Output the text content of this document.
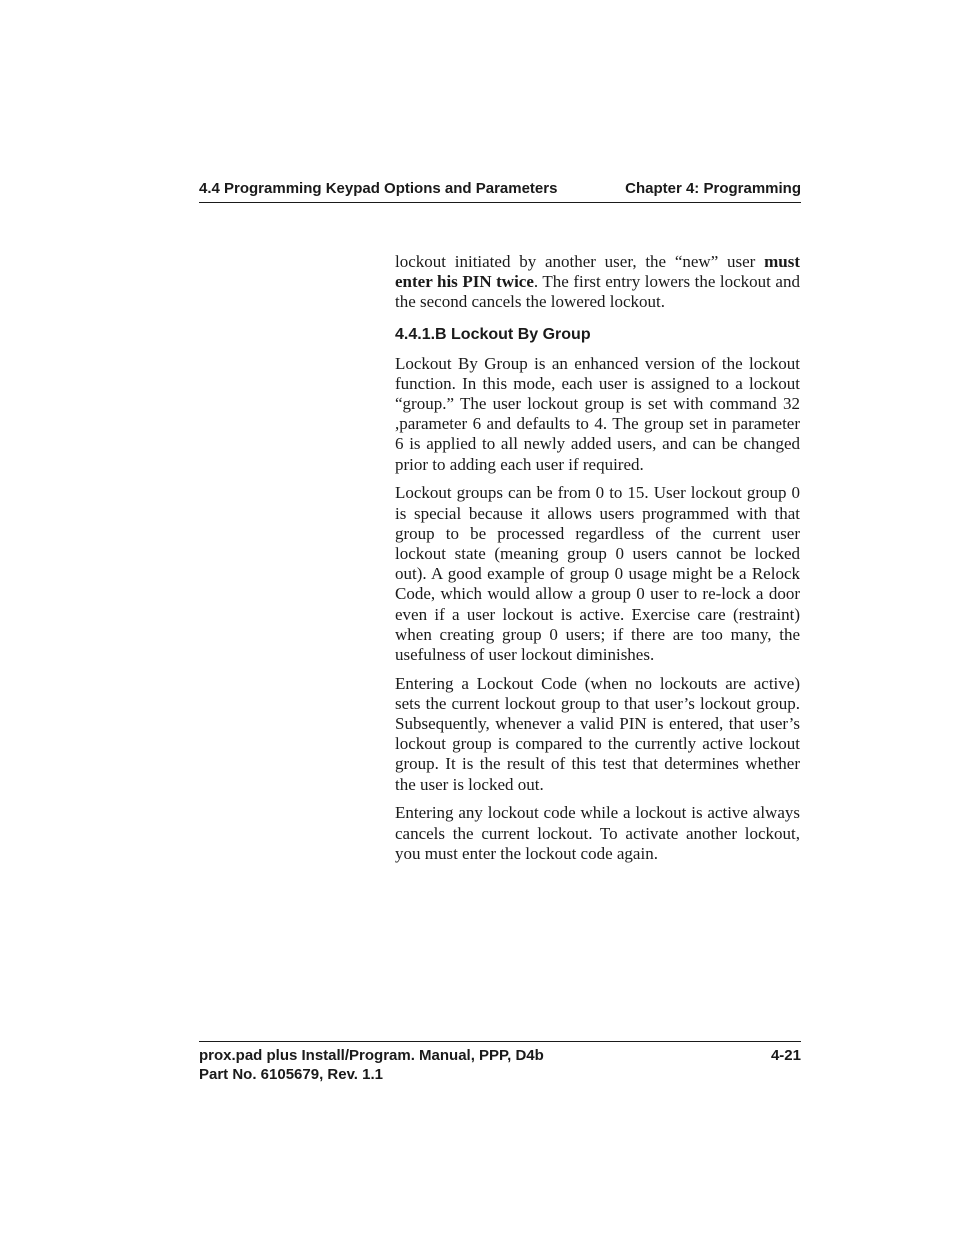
4.4 Programming Keypad Options and Parameters	Chapter 4: Programming

lockout initiated by another user, the “new” user must enter his PIN twice. The first entry lowers the lockout and the second cancels the lowered lockout.

4.4.1.B Lockout By Group

Lockout By Group is an enhanced version of the lockout function. In this mode, each user is assigned to a lockout “group.” The user lockout group is set with command 32 ,parameter 6 and defaults to 4. The group set in parameter 6 is applied to all newly added users, and can be changed prior to adding each user if required.

Lockout groups can be from 0 to 15. User lockout group 0 is special because it allows users programmed with that group to be processed regardless of the current user lockout state (meaning group 0 users cannot be locked out). A good example of group 0 usage might be a Relock Code, which would allow a group 0 user to re-lock a door even if a user lockout is active. Exercise care (restraint) when creating group 0 users; if there are too many, the usefulness of user lockout diminishes.

Entering a Lockout Code (when no lockouts are active) sets the current lockout group to that user’s lockout group. Subsequently, whenever a valid PIN is entered, that user’s lockout group is compared to the currently active lockout group. It is the result of this test that determines whether the user is locked out.

Entering any lockout code while a lockout is active always cancels the current lockout. To activate another lockout, you must enter the lockout code again.

prox.pad plus Install/Program. Manual, PPP, D4b
Part No. 6105679, Rev. 1.1
4-21
